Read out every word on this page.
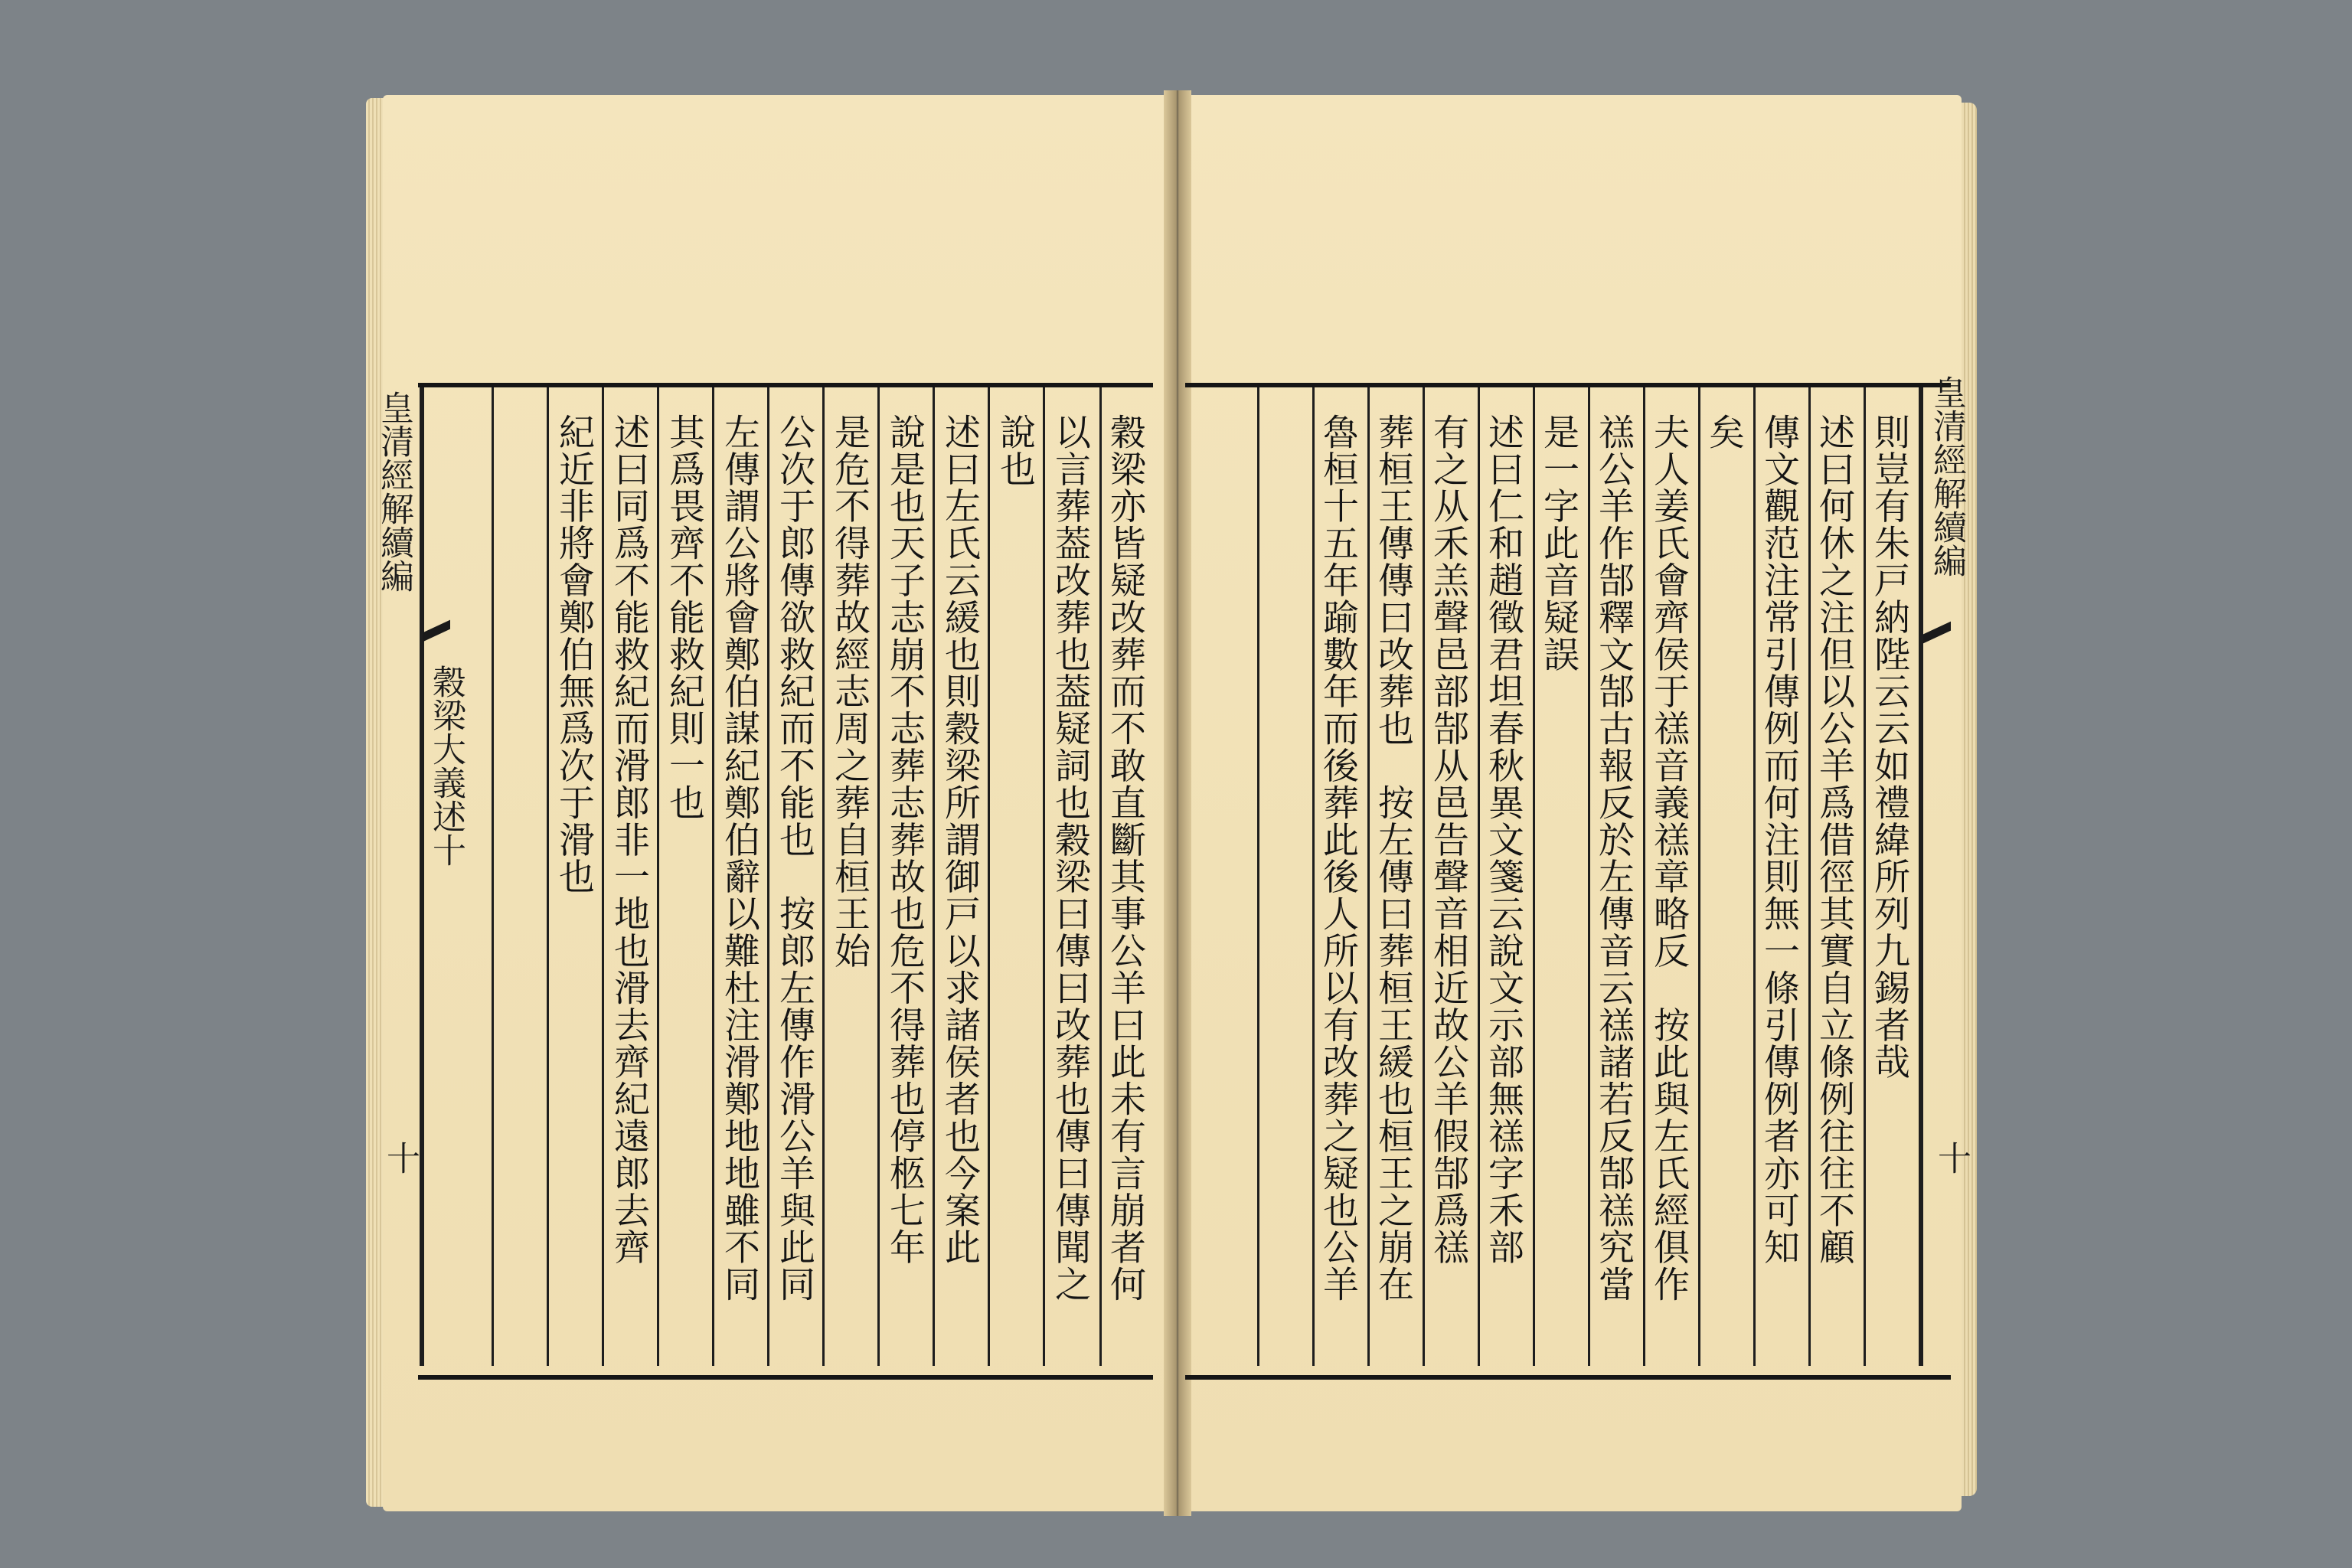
皇清經解續編
穀梁大義述十
十
皇清經解續編
十

穀梁亦皆疑改葬而不敢直斷其事公羊曰此未有言崩者何

以言葬葢改葬也葢疑詞也穀梁曰傳曰改葬也傳曰傳聞之

說也

述曰左氏云緩也則穀梁所謂御戸以求諸侯者也今案此

說是也天子志崩不志葬志葬故也危不得葬也停柩七年

是危不得葬故經志周之葬自桓王始

公次于郎傳欲救紀而不能也　按郎左傳作滑公羊與此同

左傳謂公將會鄭伯謀紀鄭伯辭以難杜注滑鄭地地雖不同

其爲畏齊不能救紀則一也

述曰同爲不能救紀而滑郎非一地也滑去齊紀遠郎去齊

紀近非將會鄭伯無爲次于滑也	則豈有朱戸納陛云云如禮緯所列九錫者哉

述曰何休之注但以公羊爲借徑其實自立條例往往不顧

傳文觀范注常引傳例而何注則無一條引傳例者亦可知

矣

夫人姜氏會齊侯于禚音義禚章略反　按此與左氏經俱作

禚公羊作郜釋文郜古報反於左傳音云禚諸若反郜禚究當

是一字此音疑誤

述曰仁和趙徵君坦春秋異文箋云說文示部無禚字禾部

有之从禾羔聲邑部郜从邑告聲音相近故公羊假郜爲禚

葬桓王傳傳曰改葬也　按左傳曰葬桓王緩也桓王之崩在

魯桓十五年踰數年而後葬此後人所以有改葬之疑也公羊
